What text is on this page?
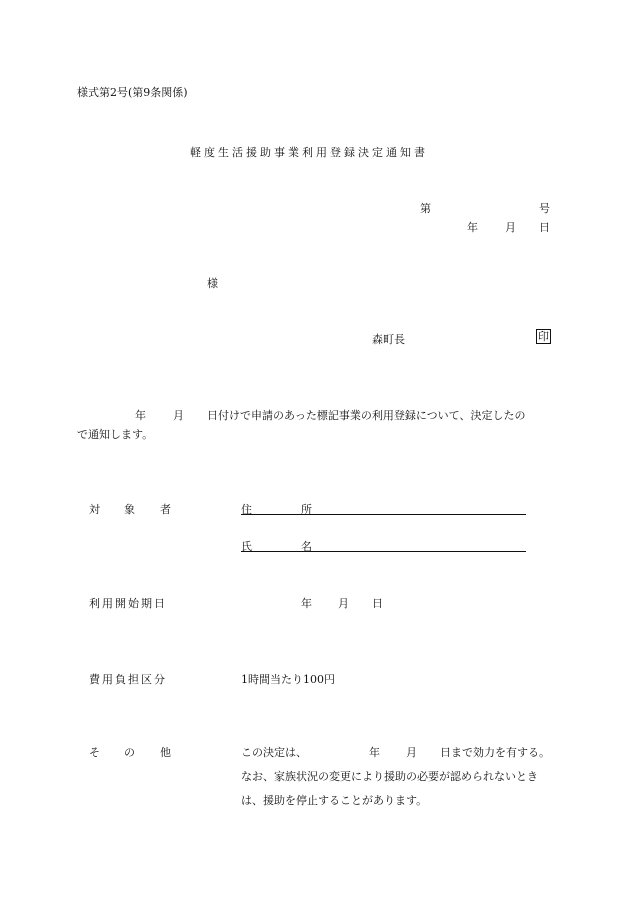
様式第2号(第9条関係)
軽度生活援助事業利用登録決定通知書
第	号
年 月 日
様
森町長	印
年 月 日付けで申請のあった標記事業の利用登録について、決定したの
で通知します。
対 象 者	住	所
氏	名
利用開始期日	年 月 日
費用負担区分	1時間当たり100円
そ の 他	この決定は、	年 月 日まで効力を有する。
なお、家族状況の変更により援助の必要が認められないとき
は、援助を停止することがあります。
